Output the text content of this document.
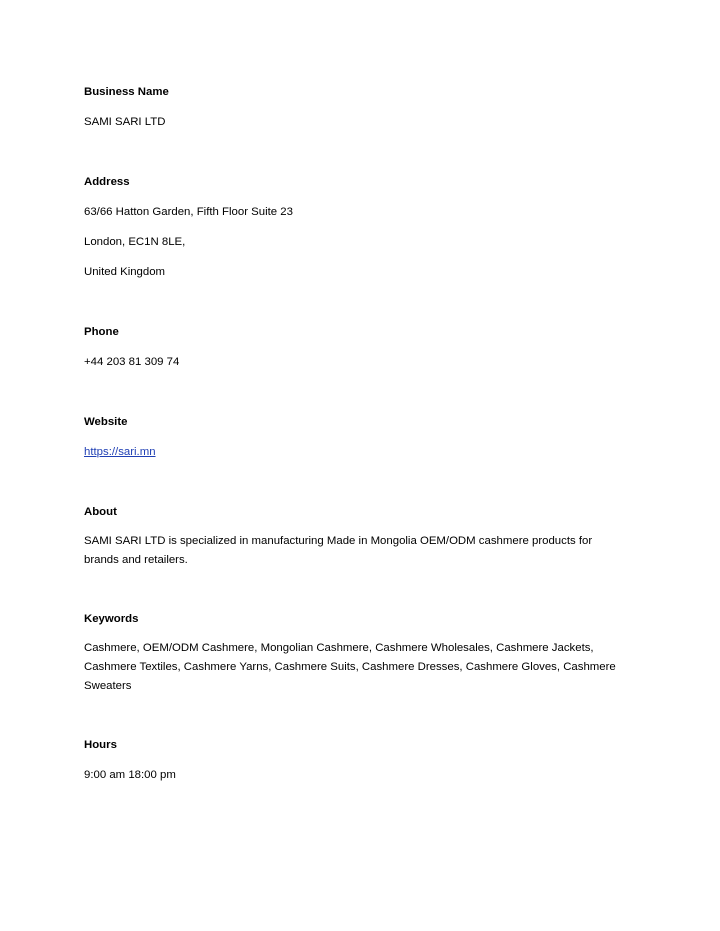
Business Name

SAMI SARI LTD

Address

63/66 Hatton Garden, Fifth Floor Suite 23

London, EC1N 8LE,

United Kingdom

Phone

+44 203 81 309 74

Website

https://sari.mn

About

SAMI SARI LTD is specialized in manufacturing Made in Mongolia OEM/ODM cashmere products for brands and retailers.

Keywords

Cashmere, OEM/ODM Cashmere, Mongolian Cashmere, Cashmere Wholesales, Cashmere Jackets, Cashmere Textiles, Cashmere Yarns, Cashmere Suits, Cashmere Dresses, Cashmere Gloves, Cashmere Sweaters

Hours

9:00 am 18:00 pm
